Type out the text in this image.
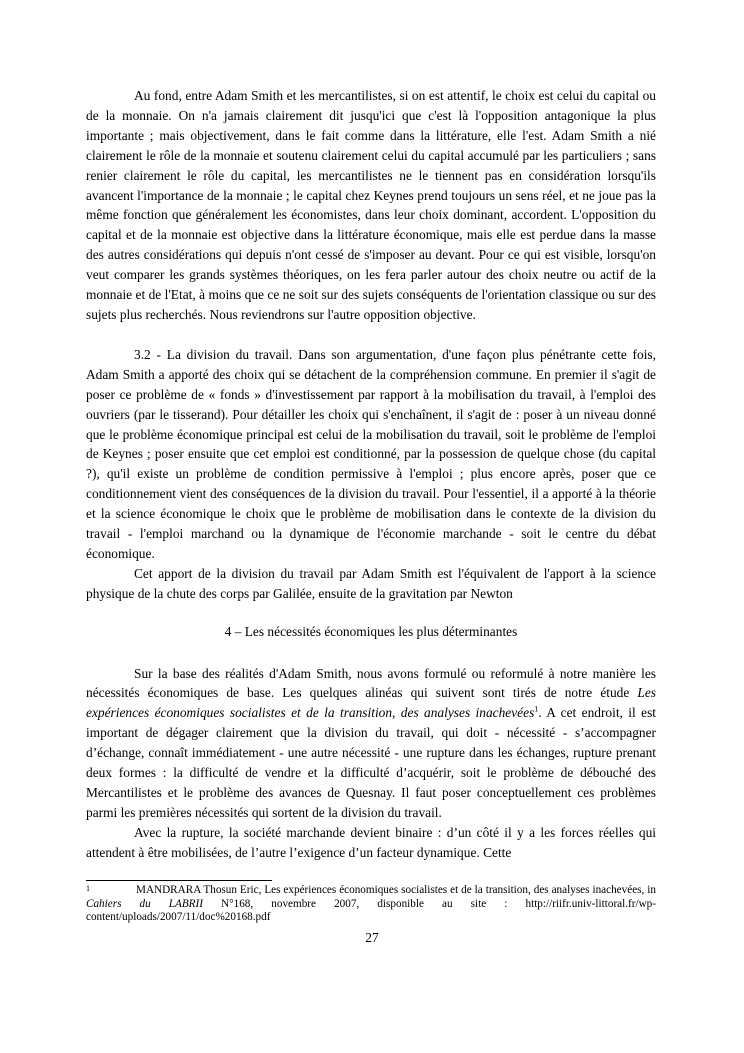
Au fond, entre Adam Smith et les mercantilistes, si on est attentif, le choix est celui du capital ou de la monnaie. On n'a jamais clairement dit jusqu'ici que c'est là l'opposition antagonique la plus importante ; mais objectivement, dans le fait comme dans la littérature, elle l'est. Adam Smith a nié clairement le rôle de la monnaie et soutenu clairement celui du capital accumulé par les particuliers ; sans renier clairement le rôle du capital, les mercantilistes ne le tiennent pas en considération lorsqu'ils avancent l'importance de la monnaie ; le capital chez Keynes prend toujours un sens réel, et ne joue pas la même fonction que généralement les économistes, dans leur choix dominant, accordent. L'opposition du capital et de la monnaie est objective dans la littérature économique, mais elle est perdue dans la masse des autres considérations qui depuis n'ont cessé de s'imposer au devant. Pour ce qui est visible, lorsqu'on veut comparer les grands systèmes théoriques, on les fera parler autour des choix neutre ou actif de la monnaie et de l'Etat, à moins que ce ne soit sur des sujets conséquents de l'orientation classique ou sur des sujets plus recherchés. Nous reviendrons sur l'autre opposition objective.

3.2 - La division du travail. Dans son argumentation, d'une façon plus pénétrante cette fois, Adam Smith a apporté des choix qui se détachent de la compréhension commune. En premier il s'agit de poser ce problème de « fonds » d'investissement par rapport à la mobilisation du travail, à l'emploi des ouvriers (par le tisserand). Pour détailler les choix qui s'enchaînent, il s'agit de : poser à un niveau donné que le problème économique principal est celui de la mobilisation du travail, soit le problème de l'emploi de Keynes ; poser ensuite que cet emploi est conditionné, par la possession de quelque chose (du capital ?), qu'il existe un problème de condition permissive à l'emploi ; plus encore après, poser que ce conditionnement vient des conséquences de la division du travail. Pour l'essentiel, il a apporté à la théorie et la science économique le choix que le problème de mobilisation dans le contexte de la division du travail - l'emploi marchand ou la dynamique de l'économie marchande - soit le centre du débat économique.

Cet apport de la division du travail par Adam Smith est l'équivalent de l'apport à la science physique de la chute des corps par Galilée, ensuite de la gravitation par Newton

4 – Les nécessités économiques les plus déterminantes

Sur la base des réalités d'Adam Smith, nous avons formulé ou reformulé à notre manière les nécessités économiques de base. Les quelques alinéas qui suivent sont tirés de notre étude Les expériences économiques socialistes et de la transition, des analyses inachevées$^1$. A cet endroit, il est important de dégager clairement que la division du travail, qui doit - nécessité - s’accompagner d’échange, connaît immédiatement - une autre nécessité - une rupture dans les échanges, rupture prenant deux formes : la difficulté de vendre et la difficulté d’acquérir, soit le problème de débouché des Mercantilistes et le problème des avances de Quesnay. Il faut poser conceptuellement ces problèmes parmi les premières nécessités qui sortent de la division du travail.

Avec la rupture, la société marchande devient binaire : d’un côté il y a les forces réelles qui attendent à être mobilisées, de l’autre l’exigence d’un facteur dynamique. Cette

1	MANDRARA Thosun Eric, Les expériences économiques socialistes et de la transition, des analyses inachevées, in Cahiers du LABRII N°168, novembre 2007, disponible au site : http://riifr.univ-littoral.fr/wp-content/uploads/2007/11/doc%20168.pdf
27
